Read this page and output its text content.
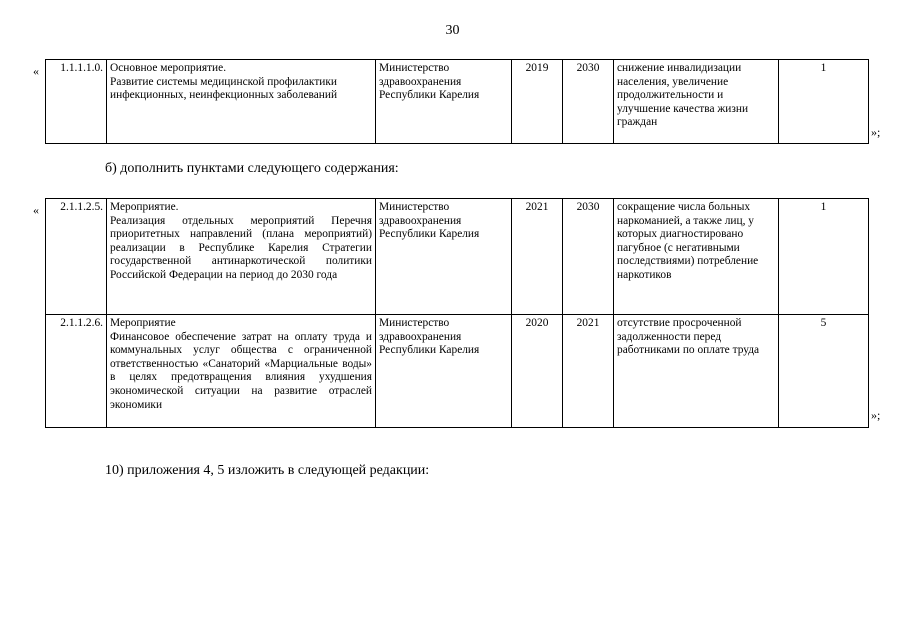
30
« 1.1.1.1.0.	Основное мероприятие.
Развитие системы медицинской профилактики инфекционных, неинфекционных заболеваний
	Министерство здравоохранения Республики Карелия	2019	2030	снижение инвалидизации населения, увеличение продолжительности и улучшение качества жизни граждан	1
»;
б) дополнить пунктами следующего содержания:
« 2.1.1.2.5.	Мероприятие.
Реализация отдельных мероприятий Перечня приоритетных направлений (плана мероприятий) реализации в Республике Карелия Стратегии государственной антинаркотической политики Российской Федерации на период до 2030 года	Министерство здравоохранения Республики Карелия	2021	2030	сокращение числа больных наркоманией, а также лиц, у которых диагностировано пагубное (с негативными последствиями) потребление наркотиков	1
2.1.1.2.6.	Мероприятие
Финансовое обеспечение затрат на оплату труда и коммунальных услуг общества с ограниченной ответственностью «Санаторий «Марциальные воды» в целях предотвращения влияния ухудшения экономической ситуации на развитие отраслей экономики	Министерство здравоохранения Республики Карелия	2020	2021	отсутствие просроченной задолженности перед работниками по оплате труда	5
»;
10) приложения 4, 5 изложить в следующей редакции:
